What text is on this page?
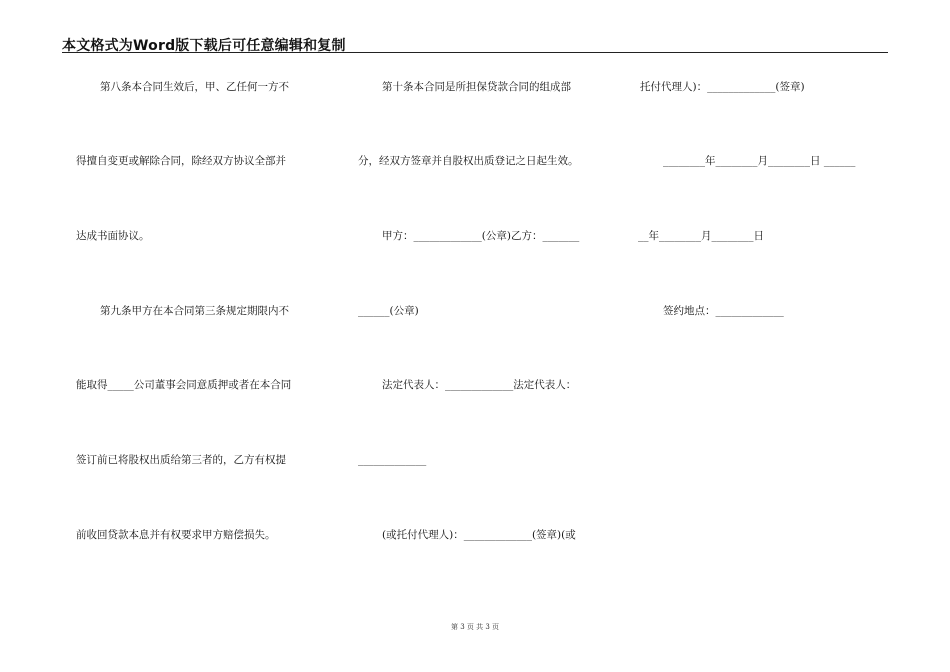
本文格式为Word版下载后可任意编辑和复制
第八条本合同生效后，甲、乙任何一方不
得擅自变更或解除合同，除经双方协议全部并
达成书面协议。
第九条甲方在本合同第三条规定期限内不
能取得_____公司董事会同意质押或者在本合同
签订前已将股权出质给第三者的，乙方有权提
前收回贷款本息并有权要求甲方赔偿损失。
第十条本合同是所担保贷款合同的组成部
分，经双方签章并自股权出质登记之日起生效。
甲方：_____________(公章)乙方：_______
______(公章)
法定代表人：_____________法定代表人：
_____________
(或托付代理人)：_____________(签章)(或
托付代理人)：_____________(签章)
________年________月________日 ______
__年________月________日
签约地点：_____________
第 3 页 共 3 页
